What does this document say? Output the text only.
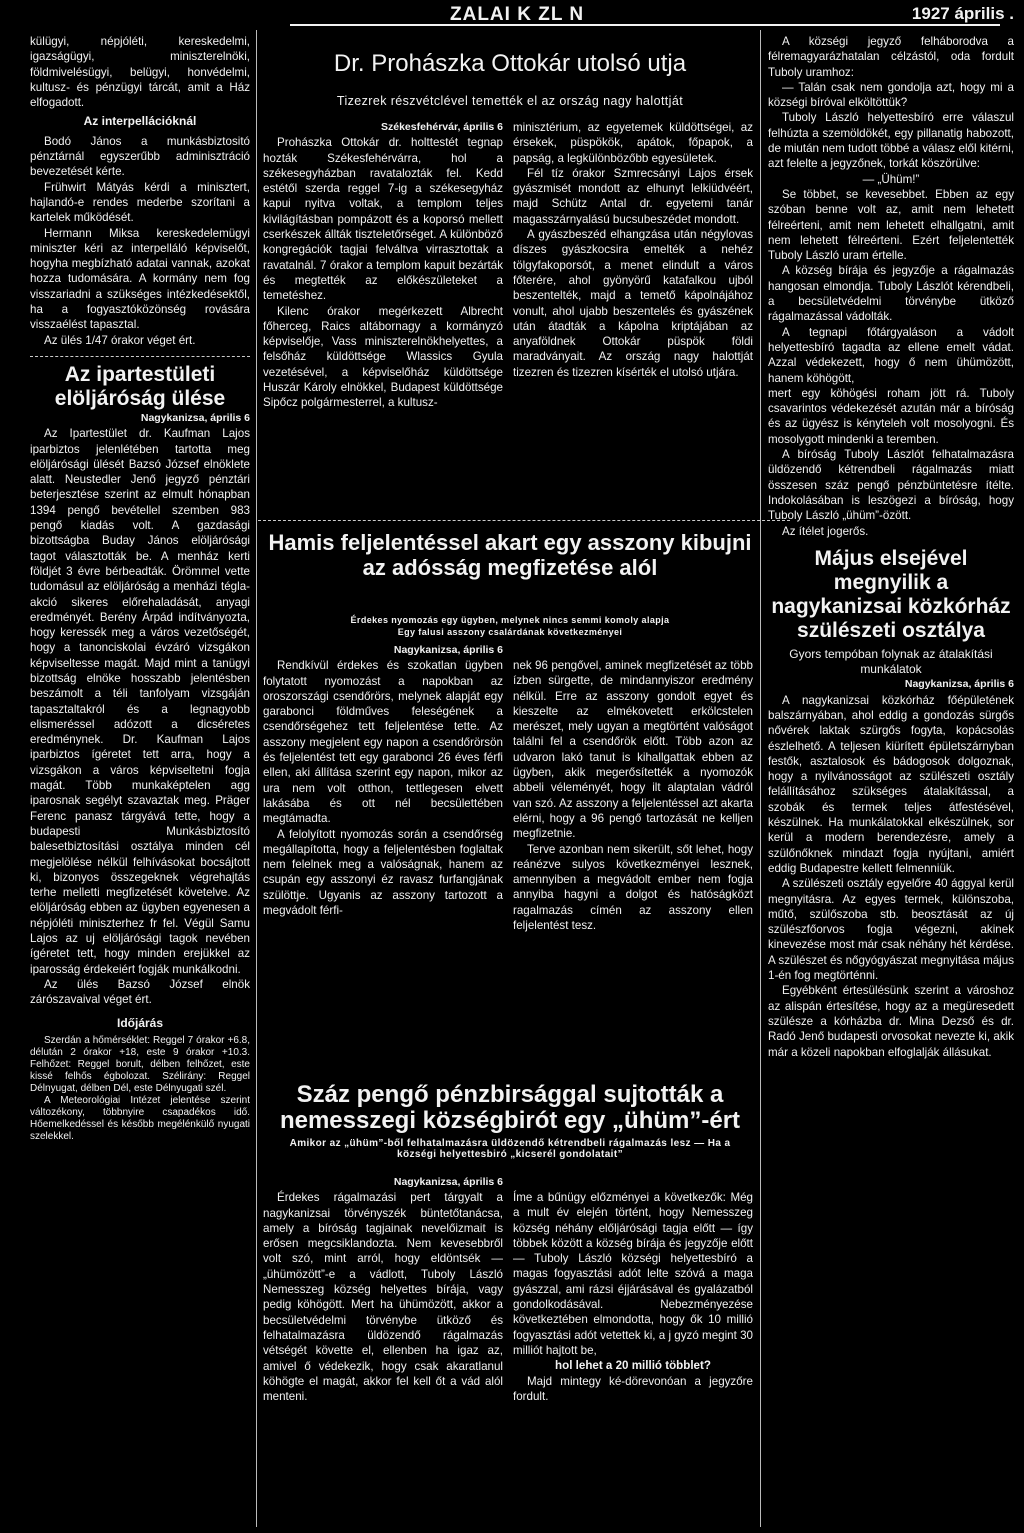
ZALAI K ZL N	1927 április .

külügyi, népjóléti, kereskedelmi, igazságügyi, miniszterelnöki, földmivelésügyi, belügyi, honvédelmi, kultusz- és pénzügyi tárcát, amit a Ház elfogadott.

Az interpellációknál

Bodó János a munkásbiztositó pénztárnál egyszerűbb adminisztráció bevezetését kérte.

Frühwirt Mátyás kérdi a minisztert, hajlandó-e rendes mederbe szorítani a kartelek működését.

Hermann Miksa kereskedelemügyi miniszter kéri az interpelláló képviselőt, hogyha megbízható adatai vannak, azokat hozza tudomására. A kormány nem fog visszariadni a szükséges intézkedésektől, ha a fogyasztóközönség rovására visszaélést tapasztal.

Az ülés 1/47 órakor véget ért.

Az ipartestületi elöljáróság ülése
Nagykanizsa, április 6

Az Ipartestület dr. Kaufman Lajos iparbiztos jelenlétében tartotta meg elöljárósági ülését Bazsó József elnöklete alatt. Neustedler Jenő jegyző pénztári beterjesztése szerint az elmult hónapban 1394 pengő bevétellel szemben 983 pengő kiadás volt. A gazdasági bizottságba Buday János elöljárósági tagot választották be. A menház kerti földjét 3 évre bérbeadták. Örömmel vette tudomásul az elöljáróság a menházi tégla-akció sikeres előrehaladását, anyagi eredményét. Berény Árpád indítványozta, hogy keressék meg a város vezetőségét, hogy a tanonciskolai évzáró vizsgákon képviseltesse magát. Majd mint a tanügyi bizottság elnöke hosszabb jelentésben beszámolt a téli tanfolyam vizsgáján tapasztaltakról és a legnagyobb elismeréssel adózott a dicséretes eredménynek. Dr. Kaufman Lajos iparbiztos ígéretet tett arra, hogy a vizsgákon a város képviseltetni fogja magát. Több munkaképtelen agg iparosnak segélyt szavaztak meg. Präger Ferenc panasz tárgyává tette, hogy a budapesti Munkásbiztosító balesetbiztosítási osztálya minden cél megjelölése nélkül felhívásokat bocsájtott ki, bizonyos összegeknek végrehajtás terhe melletti megfizetését követelve. Az elöljáróság ebben az ügyben egyenesen a népjóléti miniszterhez fr fel. Végül Samu Lajos az uj elöljárósági tagok nevében ígéretet tett, hogy minden erejükkel az iparosság érdekeiért fogják munkálkodni.

Az ülés Bazsó József elnök zárószavaival véget ért.

Időjárás

Szerdán a hőmérséklet: Reggel 7 órakor +6.8, délután 2 órakor +18, este 9 órakor +10.3. Felhőzet: Reggel borult, délben felhőzet, este kissé felhős égbolozat. Szélirány: Reggel Délnyugat, délben Dél, este Délnyugati szél.

A Meteorológiai Intézet jelentése szerint változékony, többnyire csapadékos idő. Hőemelkedéssel és később megélénkülő nyugati szelekkel.

Dr. Prohászka Ottokár utolsó utja
Tizezrek részvétclével temették el az ország nagy halottját
Székesfehérvár, április 6

Prohászka Ottokár dr. holttestét tegnap hozták Székesfehérvárra, hol a székesegyházban ravatalozták fel. Kedd estétől szerda reggel 7-ig a székesegyház kapui nyitva voltak, a templom teljes kivilágításban pompázott és a koporsó mellett cserkészek állták tiszteletőrséget. A különböző kongregációk tagjai felváltva virrasztottak a ravatalnál. 7 órakor a templom kapuit bezárták és megtették az előkészületeket a temetéshez.

Kilenc órakor megérkezett Albrecht főherceg, Raics altábornagy a kormányzó képviselője, Vass miniszterelnökhelyettes, a felsőház küldöttsége Wlassics Gyula vezetésével, a képviselőház küldöttsége Huszár Károly elnökkel, Budapest küldöttsége Sipőcz polgármesterrel, a kultusz-

minisztérium, az egyetemek küldöttségei, az érsekek, püspökök, apátok, főpapok, a papság, a legkülönbözőbb egyesületek.

Fél tíz órakor Szmrecsányi Lajos érsek gyászmisét mondott az elhunyt lelkiüdvéért, majd Schütz Antal dr. egyetemi tanár magasszárnyalású bucsubeszédet mondott.

A gyászbeszéd elhangzása után négylovas díszes gyászkocsira emelték a nehéz tölgyfakoporsót, a menet elindult a város főterére, ahol gyönyörű katafalkou ujból beszentelték, majd a temető kápolnájához vonult, ahol ujabb beszentelés és gyászének után átadták a kápolna kriptájában az anyaföldnek Ottokár püspök földi maradványait. Az ország nagy halottját tizezren és tizezren kísérték el utolsó utjára.

Hamis feljelentéssel akart egy asszony kibujni az adósság megfizetése alól
Érdekes nyomozás egy ügyben, melynek nincs semmi komoly alapja
Egy falusi asszony csalárdának következményei
Nagykanizsa, április 6

Rendkívül érdekes és szokatlan ügyben folytatott nyomozást a napokban az oroszországi csendőrörs, melynek alapját egy garabonci földműves feleségének a csendőrségehez tett feljelentése tette. Az asszony megjelent egy napon a csendőrörsön és feljelentést tett egy garabonci 26 éves férfi ellen, aki állítása szerint egy napon, mikor az ura nem volt otthon, tettlegesen elvett lakásába és ott nél becsülettében megtámadta.

A felolyított nyomozás során a csendőrség megállapította, hogy a feljelentésben foglaltak nem felelnek meg a valóságnak, hanem az csupán egy asszonyi éz ravasz furfangjának szülöttje. Ugyanis az asszony tartozott a megvádolt férfi-

nek 96 pengővel, aminek megfizetését az több ízben sürgette, de mindannyiszor eredmény nélkül. Erre az asszony gondolt egyet és kieszelte az elmékovetett erkölcstelen merészet, mely ugyan a megtörtént valóságot találni fel a csendőrök előtt. Több azon az udvaron lakó tanut is kihallgattak ebben az ügyben, akik megerősítették a nyomozók abbeli véleményét, hogy ilt alaptalan vádról van szó. Az asszony a feljelentéssel azt akarta elérni, hogy a 96 pengő tartozását ne kelljen megfizetnie.

Terve azonban nem sikerült, sőt lehet, hogy reánézve sulyos következményei lesznek, amennyiben a megvádolt ember nem fogja annyiba hagyni a dolgot és hatóságközt ragalmazás címén az asszony ellen feljelentést tesz.

Száz pengő pénzbirsággal sujtották a nemesszegi községbirót egy „ühüm”-ért
Amikor az „ühüm”-ből felhatalmazásra üldözendő kétrendbeli rágalmazás lesz — Ha a községi helyettesbiró „kicserél gondolatait”
Nagykanizsa, április 6

Érdekes rágalmazási pert tárgyalt a nagykanizsai törvényszék büntetőtanácsa, amely a bíróság tagjainak nevelőizmait is erősen megcsiklandozta. Nem kevesebbről volt szó, mint arról, hogy eldöntsék — „ühümözött”-e a vádlott, Tuboly László Nemesszeg község helyettes bírája, vagy pedig köhögött. Mert ha ühümözött, akkor a becsületvédelmi törvénybe ütköző és felhatalmazásra üldözendő rágalmazás vétségét követte el, ellenben ha igaz az, amivel ő védekezik, hogy csak akaratlanul köhögte el magát, akkor fel kell őt a vád alól menteni.

Íme a bűnügy előzményei a következők: Még a mult év elején történt, hogy Nemesszeg község néhány előljárósági tagja előtt — így többek között a község bírája és jegyzője előtt — Tuboly László községi helyettesbíró a magas fogyasztási adót lelte szóvá a maga gyászzal, ami rázsi éjjárásával és gyalázatból gondolkodásával. Nebezményezése következtében elmondotta, hogy ők 10 millió fogyasztási adót vetettek ki, a j gyzó megint 30 milliót hajtott be,

hol lehet a 20 millió többlet?

Majd mintegy ké-dörevonóan a jegyzőre fordult.

A községi jegyző felháborodva a félremagyarázhatalan célzástól, oda fordult Tuboly uramhoz:

— Talán csak nem gondolja azt, hogy mi a községi bíróval elköltöttük?

Tuboly László helyettesbíró erre válaszul felhúzta a szemöldökét, egy pillanatig habozott, de miután nem tudott többé a válasz elől kitérni, azt felelte a jegyzőnek, torkát köszörülve:

— „Ühüm!”

Se többet, se kevesebbet. Ebben az egy szóban benne volt az, amit nem lehetett félreérteni, amit nem lehetett elhallgatni, amit nem lehetett félreérteni. Ezért feljelentették Tuboly László uram értelle.

A község bírája és jegyzője a rágalmazás hangosan elmondja. Tuboly Lászlót kérendbeli, a becsületvédelmi törvénybe ütköző rágalmazással vádolták.

A tegnapi főtárgyaláson a vádolt helyettesbíró tagadta az ellene emelt vádat. Azzal védekezett, hogy ő nem ühümözött, hanem köhögött,

mert egy köhögési roham jött rá. Tuboly csavarintos védekezését azután már a bíróság és az ügyész is kényteleh volt mosolyogni. És mosolygott mindenki a teremben.

A bíróság Tuboly Lászlót felhatalmazásra üldözendő kétrendbeli rágalmazás miatt összesen száz pengő pénzbüntetésre ítélte. Indokolásában is leszögezi a bíróság, hogy Tuboly László „ühüm”-özött.

Az ítélet jogerős.

Május elsejével megnyilik a nagykanizsai közkórház szülészeti osztálya
Gyors tempóban folynak az átalakítási munkálatok
Nagykanizsa, április 6

A nagykanizsai közkórház főépületének balszárnyában, ahol eddig a gondozás sürgős nővérek laktak szürgős fogyta, kopácsolás észlelhető. A teljesen kiürített épületszárnyban festők, asztalosok és bádogosok dolgoznak, hogy a nyilvánosságot az szülészeti osztály felállításához szükséges átalakítással, a szobák és termek teljes átfestésével, készülnek. Ha munkálatokkal elkészülnek, sor kerül a modern berendezésre, amely a szülőnőknek mindazt fogja nyújtani, amiért eddig Budapestre kellett felmenniük.

A szülészeti osztály egyelőre 40 ággyal kerül megnyitásra. Az egyes termek, különszoba, műtő, szülőszoba stb. beosztását az új szülészfőorvos fogja végezni, akinek kinevezése most már csak néhány hét kérdése. A szülészet és nőgyógyászat megnyitása május 1-én fog megtörténni.

Egyébként értesülésünk szerint a városhoz az alispán értesítése, hogy az a megüresedett szülésze a kórházba dr. Mina Dezső és dr. Radó Jenő budapesti orvosokat nevezte ki, akik már a közeli napokban elfoglalják állásukat.
